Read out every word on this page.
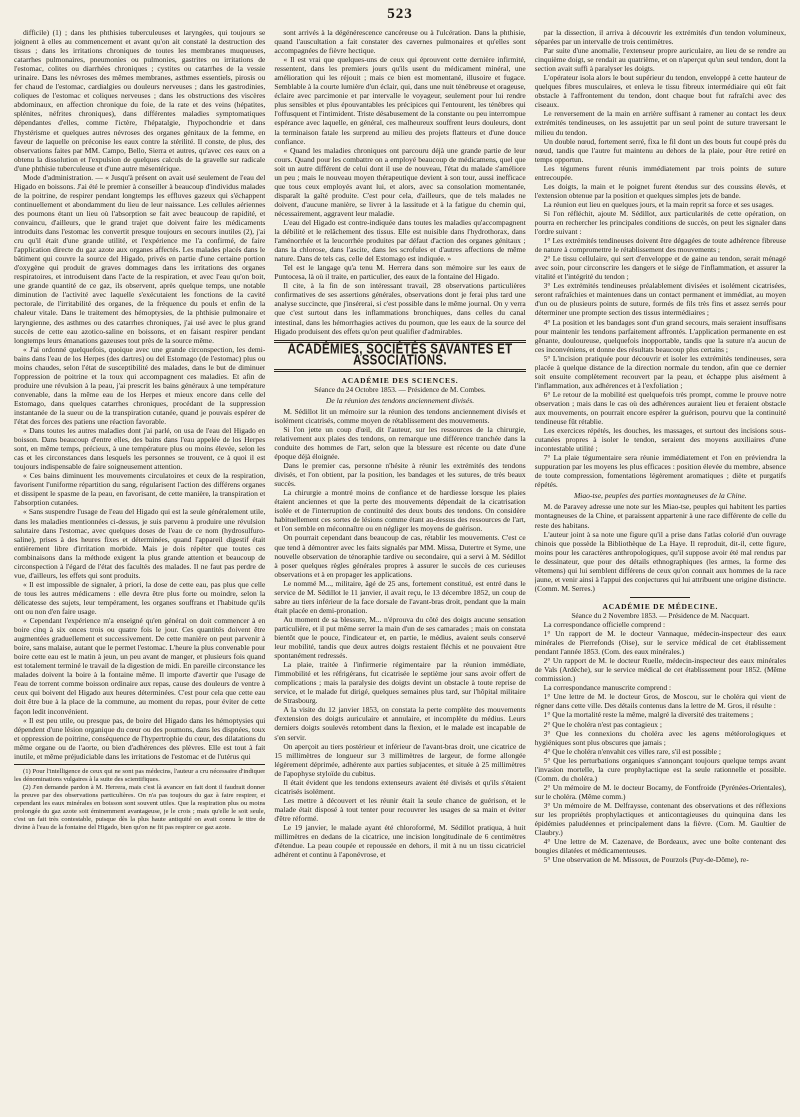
523

difficile) (1) ; dans les phthisies tuberculeuses et laryngées, qui toujours se joignent à elles au commencement et avant qu'on ait constaté la destruction des tissus ; dans les irritations chroniques de toutes les membranes muqueuses, catarrhes pulmonaires, pneumonies ou pulmonies, gastrites ou irritations de l'estomac, colites ou diarrhées chroniques ; cystites ou catarrhes de la vessie urinaire. Dans les névroses des mêmes membranes, asthmes essentiels, pirosis ou fer chaud de l'estomac, cardialgies ou douleurs nerveuses ; dans les gastrodinies, coliques de l'estomac et coliques nerveuses ; dans les obstructions des viscères abdominaux, en affection chronique du foie, de la rate et des veins (hépatites, splénites, néfrites chroniques), dans différentes maladies symptomatiques dépendantes d'elles, comme l'ictère, l'hépatalgie, l'hypochondrie et dans l'hystérisme et quelques autres névroses des organes génitaux de la femme, en faveur de laquelle on préconise les eaux contre la stérilité. Il conste, de plus, des observations faites par MM. Campo, Bello, Sierra et autres, qu'avec ces eaux on a obtenu la dissolution et l'expulsion de quelques calculs de la gravelle sur radicale d'une phthisie tuberculeuse et d'une autre mésentérique.

Mode d'administration. — « Jusqu'à présent on avait usé seulement de l'eau del Higado en boissons. J'ai été le premier à conseiller à beaucoup d'individus malades de la poitrine, de respirer pendant longtemps les effluves gazeux qui s'échappent continuellement et abondamment du lieu de leur naissance. Les cellules aériennes des poumons étant un lieu où l'absorption se fait avec beaucoup de rapidité, et convaincu, d'ailleurs, que le grand trajet que doivent faire les médicaments introduits dans l'estomac les convertit presque toujours en secours inutiles (2), j'ai cru qu'il était d'une grande utilité, et l'expérience me l'a confirmé, de faire l'application directe du gaz azote aux organes affectés. Les malades placés dans le bâtiment qui couvre la source del Higado, privés en partie d'une certaine portion d'oxygène qui produit de graves dommages dans les irritations des organes respiratoires, et introduisent dans l'acte de la respiration, et avec l'eau qu'on boit, une grande quantité de ce gaz, ils observent, après quelque temps, une notable diminution de l'activité avec laquelle s'exécutaient les fonctions de la cavité pectorale, de l'irritabilité des organes, de la fréquence du pouls et enfin de la chaleur vitale. Dans le traitement des hémoptysies, de la phthisie pulmonaire et laryngienne, des asthmes ou des catarrhes chroniques, j'ai usé avec le plus grand succès de cette eau azotico-saline en boissons, et en faisant respirer pendant longtemps leurs émanations gazeuses tout près de la source même.

« J'ai ordonné quelquefois, quoique avec une grande circonspection, les demi-bains dans l'eau de los Herpes (des dartres) ou del Estomago (de l'estomac) plus ou moins chaudes, selon l'état de susceptibilité des malades, dans le but de diminuer l'oppression de poitrine et la toux qui accompagnent ces maladies. Et afin de produire une révulsion à la peau, j'ai prescrit les bains généraux à une température convenable, dans la même eau de los Herpes et mieux encore dans celle del Estomago, dans quelques catarrhes chroniques, procédant de la suppression instantanée de la sueur ou de la transpiration cutanée, quand je pouvais espérer de l'état des forces des patiens une réaction favorable.

« Dans toutes les autres maladies dont j'ai parlé, on usa de l'eau del Higado en boisson. Dans beaucoup d'entre elles, des bains dans l'eau appelée de los Herpes sont, en même temps, précieux, à une température plus ou moins élevée, selon les cas et les circonstances dans lesquels les personnes se trouvent, ce à quoi il est toujours indispensable de faire soigneusement attention.

« Ces bains diminuent les mouvements circulatoires et ceux de la respiration, favorisent l'uniforme répartition du sang, régularisent l'action des différens organes et dissipent le spasme de la peau, en favorisant, de cette manière, la transpiration et l'absorption cutanées.

« Sans suspendre l'usage de l'eau del Higado qui est la seule généralement utile, dans les maladies mentionnées ci-dessus, je suis parvenu à produire une révulsion salutaire dans l'estomac, avec quelques doses de l'eau de ce nom (hydrosulfuro-saline), prises à des heures fixes et déterminées, quand l'appareil digestif était entièrement libre d'irritation morbide. Mais je dois répéter que toutes ces combinaisons dans la méthode exigent la plus grande attention et beaucoup de circonspection à l'égard de l'état des facultés des malades. Il ne faut pas perdre de vue, d'ailleurs, les effets qui sont produits.

« Il est impossible de signaler, à priori, la dose de cette eau, pas plus que celle de tous les autres médicamens : elle devra être plus forte ou moindre, selon la délicatesse des sujets, leur tempérament, les organes souffrans et l'habitude qu'ils ont ou non d'en faire usage.

« Cependant l'expérience m'a enseigné qu'en général on doit commencer à en boire cinq à six onces trois ou quatre fois le jour. Ces quantités doivent être augmentées graduellement et successivement. De cette manière on peut parvenir à boire, sans malaise, autant que le permet l'estomac. L'heure la plus convenable pour boire cette eau est le matin à jeun, un peu avant de manger, et plusieurs fois quand est totalement terminé le travail de la digestion de midi. En pareille circonstance les malades doivent la boire à la fontaine même. Il importe d'avertir que l'usage de l'eau de torrent comme boisson ordinaire aux repas, cause des douleurs de ventre à ceux qui boivent del Higado aux heures déterminées. C'est pour cela que cette eau doit être bue à la place de la commune, au moment du repas, pour éviter de cette façon ledit inconvénient.

« Il est peu utile, ou presque pas, de boire del Higado dans les hémoptysies qui dépendent d'une lésion organique du cœur ou des poumons, dans les dispnées, toux et oppression de poitrine, conséquence de l'hypertrophie du cœur, des dilatations du même organe ou de l'aorte, ou bien d'adhérences des plèvres. Elle est tout à fait inutile, et même préjudiciable dans les irritations de l'estomac et de l'utérus qui

(1) Pour l'intelligence de ceux qui ne sont pas médecins, l'auteur a cru nécessaire d'indiquer les dénominations vulgaires à la suite des scientifiques.

(2) J'en demande pardon à M. Herrera, mais c'est là avancer en fait dont il faudrait donner la preuve par des observations particulières. On n'a pas toujours du gaz à faire respirer, et cependant les eaux minérales en boisson sont souvent utiles. Que la respiration plus ou moins prolongée du gaz azote soit éminemment avantageuse, je le crois ; mais qu'elle le soit seule, c'est un fait très contestable, puisque dès la plus haute antiquité on avait connu le titre de divine à l'eau de la fontaine del Higado, bien qu'on ne fit pas respirer ce gaz azote.

sont arrivés à la dégénérescence cancéreuse ou à l'ulcération. Dans la phthisie, quand l'auscultation a fait constater des cavernes pulmonaires et qu'elles sont accompagnées de fièvre hectique.

« Il est vrai que quelques-uns de ceux qui éprouvent cette dernière infirmité, ressentent, dans les premiers jours qu'ils usent du médicament minéral, une amélioration qui les réjouit ; mais ce bien est momentané, illusoire et fugace. Semblable à la courte lumière d'un éclair, qui, dans une nuit ténébreuse et orageuse, éclaire avec parcimonie et par intervalle le voyageur, seulement pour lui rendre plus sensibles et plus épouvantables les précipices qui l'entourent, les ténèbres qui l'offusquent et l'intimident. Triste désabusement de la constante ou peu interrompue espérance avec laquelle, en général, ces malheureux souffrent leurs douleurs, dont la terminaison fatale les surprend au milieu des projets flatteurs et d'une douce confiance.

« Quand les maladies chroniques ont parcouru déjà une grande partie de leur cours. Quand pour les combattre on a employé beaucoup de médicamens, quel que soit un autre différent de celui dont il use de nouveau, l'état du malade s'améliore un peu ; mais le nouveau moyen thérapeutique devient à son tour, aussi inefficace que tous ceux employés avant lui, et alors, avec sa consolation momentanée, disparaît la gaîté produite. C'est pour cela, d'ailleurs, que de tels malades ne doivent, d'aucune manière, se livrer à la lassitude et à la fatigue du chemin qui, nécessairement, aggravent leur maladie.

L'eau del Higado est contre-indiquée dans toutes les maladies qu'accompagnent la débilité et le relâchement des tissus. Elle est nuisible dans l'hydrothorax, dans l'aménorrhée et la leucorrhée produites par défaut d'action des organes génitaux ; dans la chlorose, dans l'ascite, dans les scrofules et d'autres affections de même nature. Dans de tels cas, celle del Estomago est indiquée. »

Tel est le langage qu'a tenu M. Herrera dans son mémoire sur les eaux de Puntocesa, là où il traite, en particulier, des eaux de la fontaine del Higado.

Il cite, à la fin de son intéressant travail, 28 observations particulières confirmatives de ses assertions générales, observations dont je ferai plus tard une analyse succincte, que j'insérerai, si c'est possible dans le même journal. On y verra que c'est surtout dans les inflammations bronchiques, dans celles du canal intestinal, dans les hémorrhagies actives du poumon, que les eaux de la source del Higado produisent des effets qu'on peut qualifier d'admirables.

ACADÉMIES, SOCIÉTÉS SAVANTES ET ASSOCIATIONS.
ACADÉMIE DES SCIENCES.
Séance du 24 Octobre 1853. — Présidence de M. Combes.
De la réunion des tendons anciennement divisés.

M. Sédillot lit un mémoire sur la réunion des tendons anciennement divisés et isolément cicatrisés, comme moyen de rétablissement des mouvements.

Si l'on jette un coup d'œil, dit l'auteur, sur les ressources de la chirurgie, relativement aux plaies des tendons, on remarque une différence tranchée dans la conduite des hommes de l'art, selon que la blessure est récente ou date d'une époque déjà éloignée.

Dans le premier cas, personne n'hésite à réunir les extrémités des tendons divisés, et l'on obtient, par la position, les bandages et les sutures, de très beaux succès.

La chirurgie a montré moins de confiance et de hardiesse lorsque les plaies étaient anciennes et que la perte des mouvements dépendait de la cicatrisation isolée et de l'interruption de continuité des deux bouts des tendons. On considère habituellement ces sortes de lésions comme étant au-dessus des ressources de l'art, et l'on semble en méconnaître ou en négliger les moyens de guérison.

On pourrait cependant dans beaucoup de cas, rétablir les mouvements. C'est ce que tend à démontrer avec les faits signalés par MM. Missa, Dutertre et Syme, une nouvelle observation de ténoraphie tardive ou secondaire, qui a servi à M. Sédillot à poser quelques règles générales propres à assurer le succès de ces curieuses observations et à en propager les applications.

Le nommé M..., militaire, âgé de 25 ans, fortement constitué, est entré dans le service de M. Sédillot le 11 janvier, il avait reçu, le 13 décembre 1852, un coup de sabre au tiers inférieur de la face dorsale de l'avant-bras droit, pendant que la main était placée en demi-pronation.

Au moment de sa blessure, M... n'éprouva du côté des doigts aucune sensation particulière, et il put même serrer la main d'un de ses camarades ; mais on constata bientôt que le pouce, l'indicateur et, en partie, le médius, avaient seuls conservé leur mobilité, tandis que deux autres doigts restaient fléchis et ne pouvaient être spontanément redressés.

La plaie, traitée à l'infirmerie régimentaire par la réunion immédiate, l'immobilité et les réfrigérans, fut cicatrisée le septième jour sans avoir offert de complications ; mais la paralysie des doigts devint un obstacle à toute reprise de service, et le malade fut dirigé, quelques semaines plus tard, sur l'hôpital militaire de Strasbourg.

A la visite du 12 janvier 1853, on constata la perte complète des mouvements d'extension des doigts auriculaire et annulaire, et incomplète du médius. Leurs derniers doigts soulevés retombent dans la flexion, et le malade est incapable de s'en servir.

On aperçoit au tiers postérieur et inférieur de l'avant-bras droit, une cicatrice de 15 millimètres de longueur sur 3 millimètres de largeur, de forme allongée légèrement déprimée, adhérente aux parties subjacentes, et située à 25 millimètres de l'apophyse styloïde du cubitus.

Il était évident que les tendons extenseurs avaient été divisés et qu'ils s'étaient cicatrisés isolément.

Les mettre à découvert et les réunir était la seule chance de guérison, et le malade était disposé à tout tenter pour recouvrer les usages de sa main et éviter d'être réformé.

Le 19 janvier, le malade ayant été chloroformé, M. Sédillot pratiqua, à huit millimètres en dedans de la cicatrice, une incision longitudinale de 6 centimètres d'étendue. La peau coupée et repoussée en dehors, il mit à nu un tissu cicatriciel adhérent et continu à l'aponévrose, et

par la dissection, il arriva à découvrir les extrémités d'un tendon volumineux, séparées par un intervalle de trois centimètres.

Par suite d'une anomalie, l'extenseur propre auriculaire, au lieu de se rendre au cinquième doigt, se rendait au quatrième, et on n'aperçut qu'un seul tendon, dont la section avait suffi à paralyser les doigts.

L'opérateur isola alors le bout supérieur du tendon, enveloppé à cette hauteur de quelques fibres musculaires, et enleva le tissu fibreux intermédiaire qui eût fait obstacle à l'affrontement du tendon, dont chaque bout fut rafraîchi avec des ciseaux.

Le renversement de la main en arrière suffisant à ramener au contact les deux extrémités tendineuses, on les assujettit par un seul point de suture traversant le milieu du tendon.

Un double nœud, fortement serré, fixa le fil dont un des bouts fut coupé près du nœud, tandis que l'autre fut maintenu au dehors de la plaie, pour être retiré en temps opportun.

Les tégumens furent réunis immédiatement par trois points de suture entrecoupée.

Les doigts, la main et le poignet furent étendus sur des coussins élevés, et l'extension obtenue par la position et quelques simples jets de bande.

La réunion eut lieu en quelques jours, et la main reprit sa force et ses usages.

Si l'on réfléchit, ajoute M. Sédillot, aux particularités de cette opération, on pourra en rechercher les principales conditions de succès, on peut les signaler dans l'ordre suivant :

1° Les extrémités tendineuses doivent être dégagées de toute adhérence fibreuse de nature à compromettre le rétablissement des mouvements ;

2° Le tissu cellulaire, qui sert d'enveloppe et de gaine au tendon, serait ménagé avec soin, pour circonscrire les dangers et le siége de l'inflammation, et assurer la vitalité et l'intégrité du tendon ;

3° Les extrémités tendineuses préalablement divisées et isolément cicatrisées, seront rafraîchies et maintenues dans un contact permanent et immédiat, au moyen d'un ou de plusieurs points de suture, formés de fils très fins et assez serrés pour déterminer une prompte section des tissus intermédiaires ;

4° La position et les bandages sont d'un grand secours, mais seraient insuffisans pour maintenir les tendons parfaitement affrontés. L'application permanente en est gênante, douloureuse, quelquefois inopportable, tandis que la suture n'a aucun de ces inconvéniens, et donne des résultats beaucoup plus certains ;

5° L'incision pratiquée pour découvrir et isoler les extrémités tendineuses, sera placée à quelque distance de la direction normale du tendon, afin que ce dernier soit ensuite complètement recouvert par la peau, et échappe plus aisément à l'inflammation, aux adhérences et à l'exfoliation ;

6° Le retour de la mobilité est quelquefois très prompt, comme le prouve notre observation ; mais dans le cas où des adhérences auraient lieu et feraient obstacle aux mouvements, on pourrait encore espérer la guérison, pourvu que la continuité tendineuse fût rétablie.

Les exercices répétés, les douches, les massages, et surtout des incisions sous-cutanées propres à isoler le tendon, seraient des moyens auxiliaires d'une incontestable utilité ;

7° La plaie tégumentaire sera réunie immédiatement et l'on en préviendra la suppuration par les moyens les plus efficaces : position élevée du membre, absence de toute compression, fomentations légèrement aromatiques ; diète et purgatifs répétés.

Miao-tse, peuples des parties montagneuses de la Chine.

M. de Paravey adresse une note sur les Miao-tse, peuples qui habitent les parties montagneuses de la Chine, et paraissent appartenir à une race différente de celle du reste des habitans.

L'auteur joint à sa note une figure qu'il a prise dans l'atlas colorié d'un ouvrage chinois que possède la Bibliothèque de La Haye. Il reproduit, dit-il, cette figure, moins pour les caractères anthropologiques, qu'il suppose avoir été mal rendus par le dessinateur, que pour des détails ethnographiques (les armes, la forme des vêtemens) qui lui semblent différens de ceux qu'on connait aux hommes de la race jaune, et venir ainsi à l'appui des conjectures qui lui attribuent une origine distincte. (Comm. M. Serres.)

ACADÉMIE DE MÉDECINE.
Séance du 2 Novembre 1853. — Présidence de M. Nacquart.

La correspondance officielle comprend :

1° Un rapport de M. le docteur Vannaque, médecin-inspecteur des eaux minérales de Pierrefonds (Oise), sur le service médical de cet établissement pendant l'année 1853. (Com. des eaux minérales.)

2° Un rapport de M. le docteur Ruelle, médecin-inspecteur des eaux minérales de Vals (Ardèche), sur le service médical de cet établissement pour 1852. (Même commission.)

La correspondance manuscrite comprend :

1° Une lettre de M. le docteur Gros, de Moscou, sur le choléra qui vient de régner dans cette ville. Des détails contenus dans la lettre de M. Gros, il résulte :

1° Que la mortalité reste la même, malgré la diversité des traitemens ;

2° Que le choléra n'est pas contagieux ;

3° Que les connexions du choléra avec les agens météorologiques et hygiéniques sont plus obscures que jamais ;

4° Que le choléra n'envahit ces villes rare, s'il est possible ;

5° Que les perturbations organiques s'annonçant toujours quelque temps avant l'invasion mortelle, la cure prophylactique est la seule rationnelle et possible. (Comm. du choléra.)

2° Un mémoire de M. le docteur Bocamy, de Fontfroide (Pyrénées-Orientales), sur le choléra. (Même comm.)

3° Un mémoire de M. Delfraysse, contenant des observations et des réflexions sur les propriétés prophylactiques et anticontagieuses du quinquina dans les épidémies paludéennes et principalement dans la fièvre. (Com. M. Gaultier de Claubry.)

4° Une lettre de M. Cazenave, de Bordeaux, avec une boîte contenant des bougies dilatées et médicamenteuses.

5° Une observation de M. Missoux, de Pourzols (Puy-de-Dôme), re-
